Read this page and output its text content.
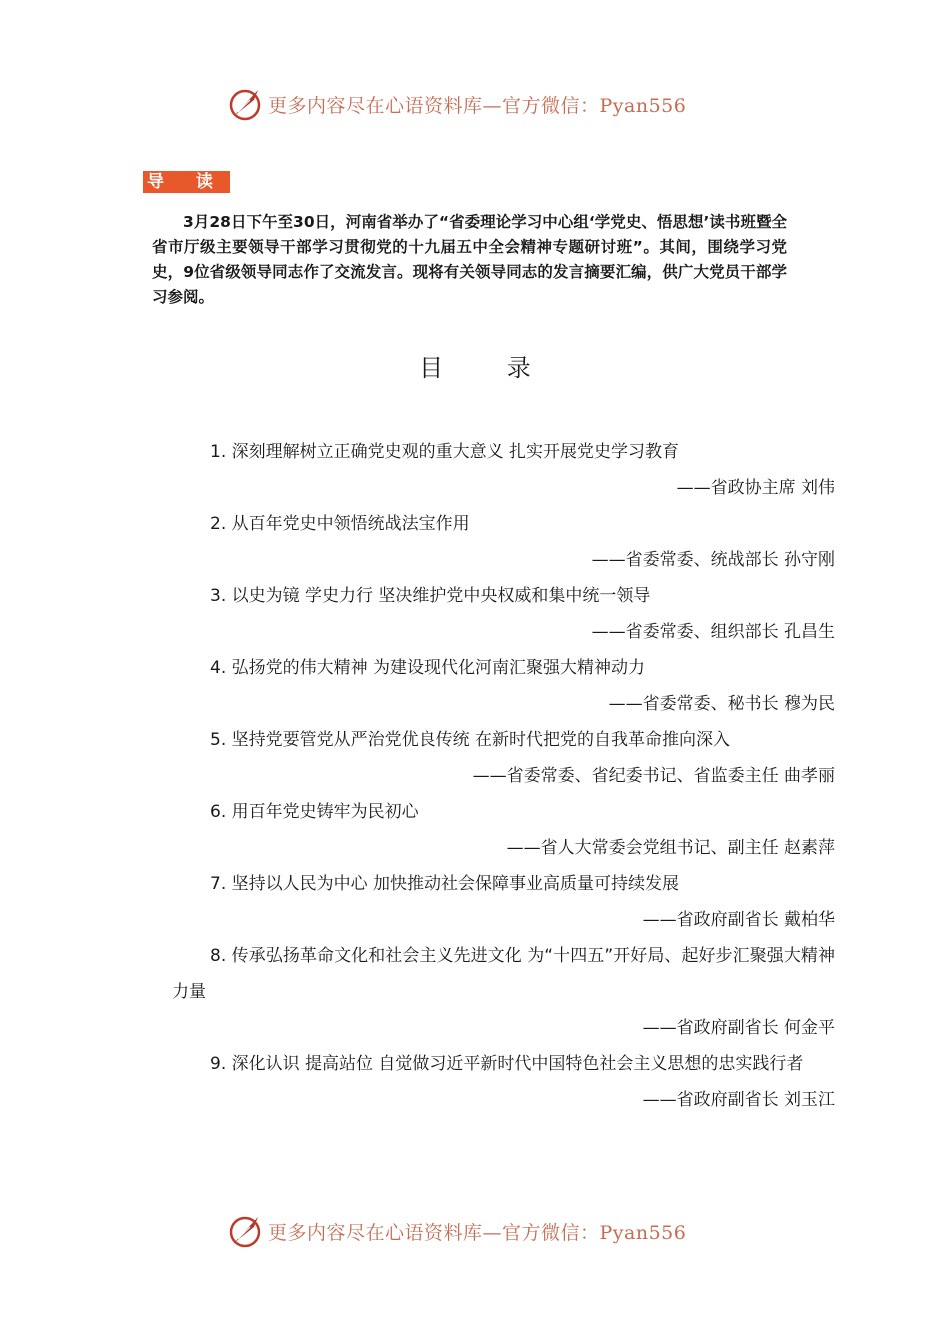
更多内容尽在心语资料库—官方微信：Pyan556
导 读

3月28日下午至30日，河南省举办了“省委理论学习中心组‘学党史、悟思想’读书班暨全省市厅级主要领导干部学习贯彻党的十九届五中全会精神专题研讨班”。其间，围绕学习党史，9位省级领导同志作了交流发言。现将有关领导同志的发言摘要汇编，供广大党员干部学习参阅。

目 录

1. 深刻理解树立正确党史观的重大意义 扎实开展党史学习教育

——省政协主席 刘伟

2. 从百年党史中领悟统战法宝作用

——省委常委、统战部长 孙守刚

3. 以史为镜 学史力行 坚决维护党中央权威和集中统一领导

——省委常委、组织部长 孔昌生

4. 弘扬党的伟大精神 为建设现代化河南汇聚强大精神动力

——省委常委、秘书长 穆为民

5. 坚持党要管党从严治党优良传统 在新时代把党的自我革命推向深入

——省委常委、省纪委书记、省监委主任 曲孝丽

6. 用百年党史铸牢为民初心

——省人大常委会党组书记、副主任 赵素萍

7. 坚持以人民为中心 加快推动社会保障事业高质量可持续发展

——省政府副省长 戴柏华

8. 传承弘扬革命文化和社会主义先进文化 为“十四五”开好局、起好步汇聚强大精神力量

——省政府副省长 何金平

9. 深化认识 提高站位 自觉做习近平新时代中国特色社会主义思想的忠实践行者

——省政府副省长 刘玉江

更多内容尽在心语资料库—官方微信：Pyan556
